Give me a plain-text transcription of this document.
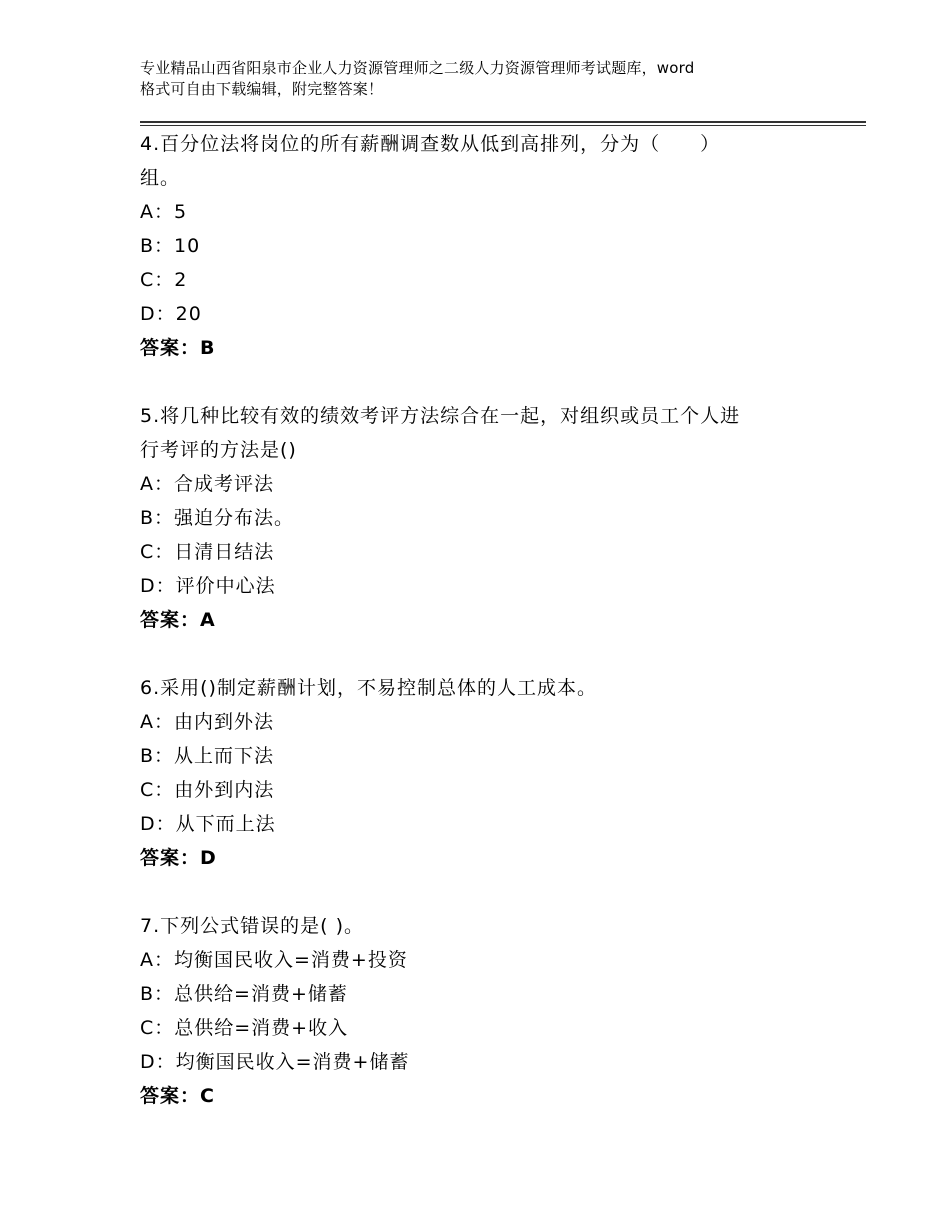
专业精品山西省阳泉市企业人力资源管理师之二级人力资源管理师考试题库，word
格式可自由下载编辑，附完整答案！
4.百分位法将岗位的所有薪酬调查数从低到高排列，分为（　　）
组。
A：5
B：10
C：2
D：20
答案：B
5.将几种比较有效的绩效考评方法综合在一起，对组织或员工个人进
行考评的方法是()
A：合成考评法
B：强迫分布法。
C：日清日结法
D：评价中心法
答案：A
6.采用()制定薪酬计划，不易控制总体的人工成本。
A：由内到外法
B：从上而下法
C：由外到内法
D：从下而上法
答案：D
7.下列公式错误的是( )。
A：均衡国民收入=消费+投资
B：总供给=消费+储蓄
C：总供给=消费+收入
D：均衡国民收入=消费+储蓄
答案：C
